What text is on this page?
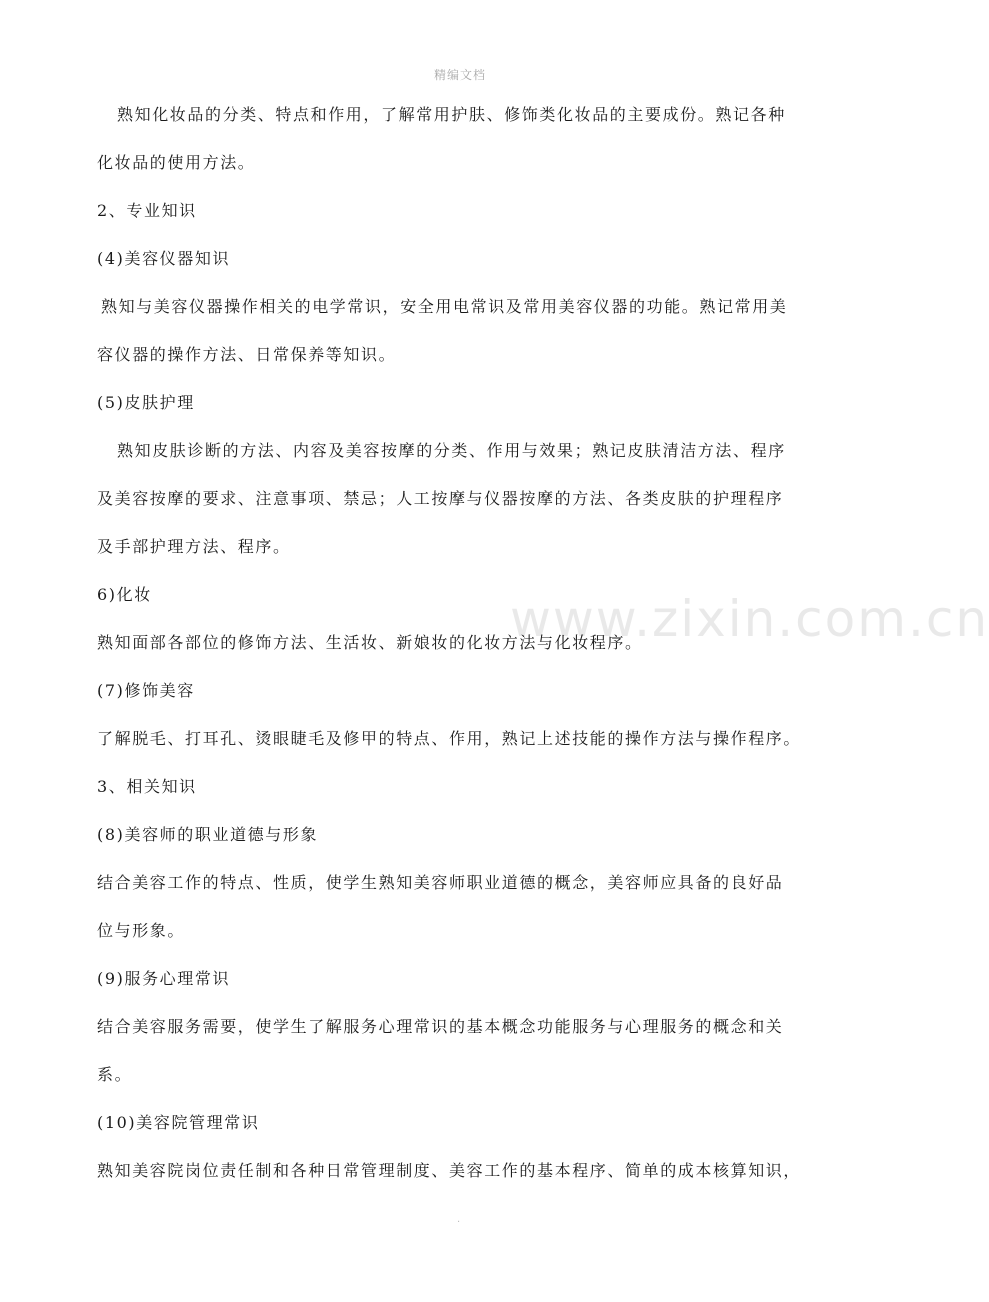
精编文档
www.zixin.com.cn
熟知化妆品的分类、特点和作用，了解常用护肤、修饰类化妆品的主要成份。熟记各种
化妆品的使用方法。
2、专业知识
(4)美容仪器知识
熟知与美容仪器操作相关的电学常识，安全用电常识及常用美容仪器的功能。熟记常用美
容仪器的操作方法、日常保养等知识。
(5)皮肤护理
熟知皮肤诊断的方法、内容及美容按摩的分类、作用与效果；熟记皮肤清洁方法、程序
及美容按摩的要求、注意事项、禁忌；人工按摩与仪器按摩的方法、各类皮肤的护理程序
及手部护理方法、程序。
6)化妆
熟知面部各部位的修饰方法、生活妆、新娘妆的化妆方法与化妆程序。
(7)修饰美容
了解脱毛、打耳孔、烫眼睫毛及修甲的特点、作用，熟记上述技能的操作方法与操作程序。
3、相关知识
(8)美容师的职业道德与形象
结合美容工作的特点、性质，使学生熟知美容师职业道德的概念，美容师应具备的良好品
位与形象。
(9)服务心理常识
结合美容服务需要，使学生了解服务心理常识的基本概念功能服务与心理服务的概念和关
系。
(10)美容院管理常识
熟知美容院岗位责任制和各种日常管理制度、美容工作的基本程序、简单的成本核算知识，
.
